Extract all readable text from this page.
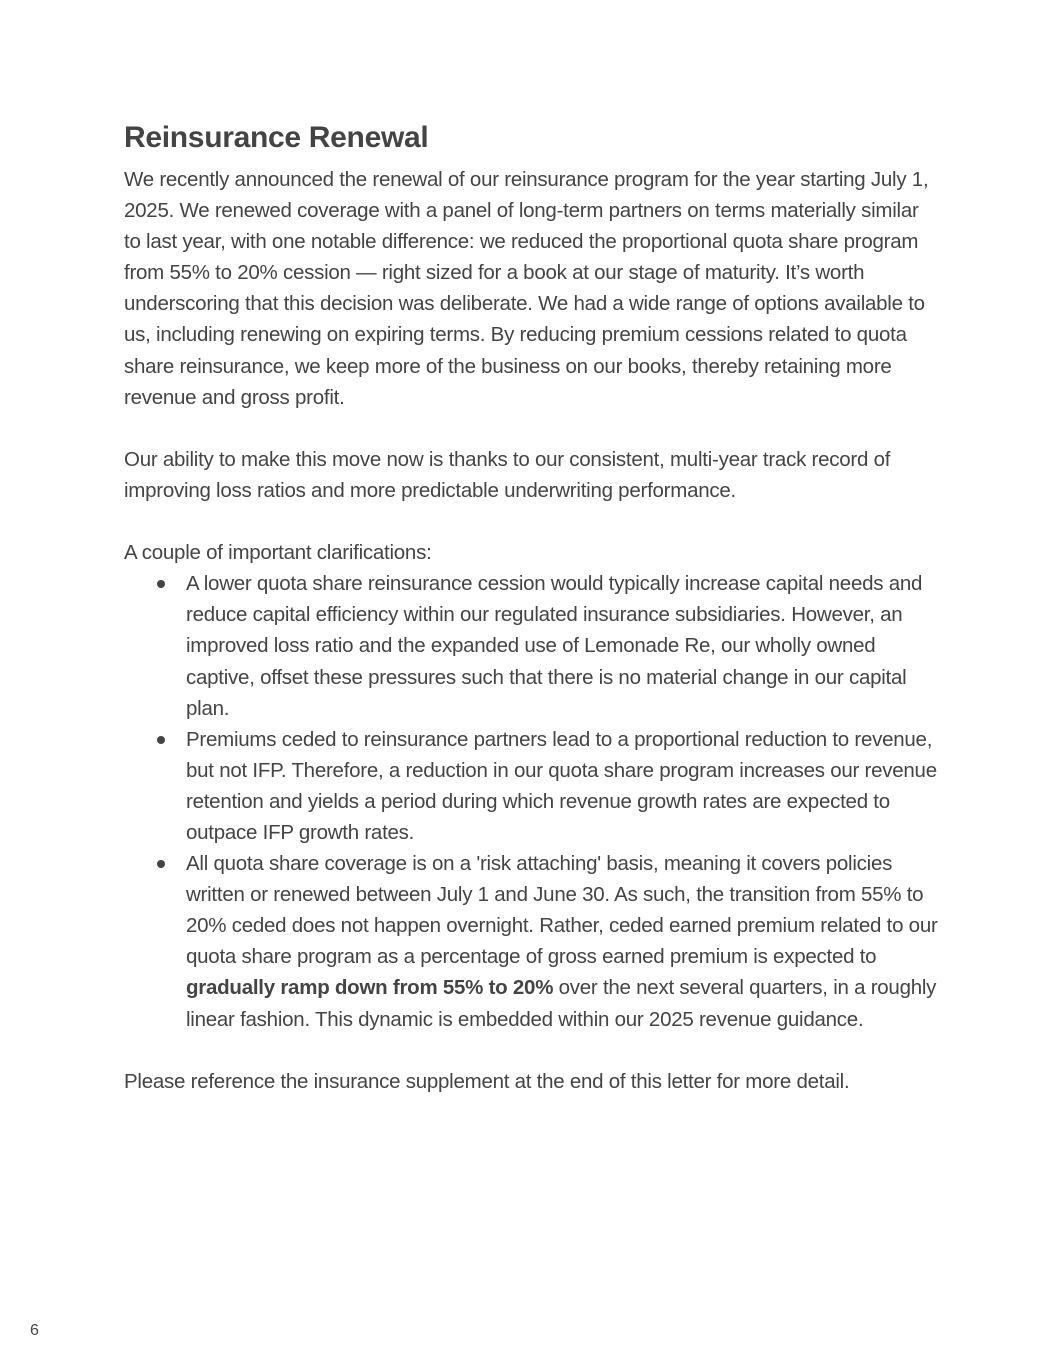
Reinsurance Renewal

We recently announced the renewal of our reinsurance program for the year starting July 1, 2025. We renewed coverage with a panel of long-term partners on terms materially similar to last year, with one notable difference: we reduced the proportional quota share program from 55% to 20% cession — right sized for a book at our stage of maturity. It’s worth underscoring that this decision was deliberate. We had a wide range of options available to us, including renewing on expiring terms. By reducing premium cessions related to quota share reinsurance, we keep more of the business on our books, thereby retaining more revenue and gross profit.

Our ability to make this move now is thanks to our consistent, multi-year track record of improving loss ratios and more predictable underwriting performance.

A couple of important clarifications:

A lower quota share reinsurance cession would typically increase capital needs and reduce capital efficiency within our regulated insurance subsidiaries. However, an improved loss ratio and the expanded use of Lemonade Re, our wholly owned captive, offset these pressures such that there is no material change in our capital plan.
Premiums ceded to reinsurance partners lead to a proportional reduction to revenue, but not IFP. Therefore, a reduction in our quota share program increases our revenue retention and yields a period during which revenue growth rates are expected to outpace IFP growth rates.
All quota share coverage is on a 'risk attaching' basis, meaning it covers policies written or renewed between July 1 and June 30. As such, the transition from 55% to 20% ceded does not happen overnight. Rather, ceded earned premium related to our quota share program as a percentage of gross earned premium is expected to gradually ramp down from 55% to 20% over the next several quarters, in a roughly linear fashion. This dynamic is embedded within our 2025 revenue guidance.

Please reference the insurance supplement at the end of this letter for more detail.

6
